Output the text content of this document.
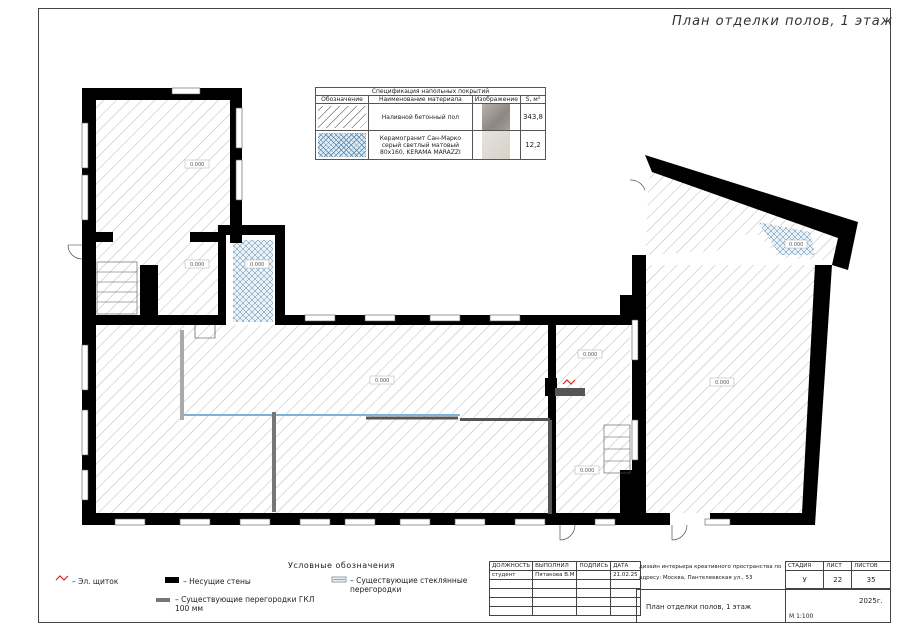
План отделки полов, 1 этаж
0.000
0.000	0.000
0.000
0.000
0.000
0.000
0.000
Спецификация напольных покрытий			
Обозначение	Наименование материала	Изображение	S, м²

	Наливной бетонный пол		343,8

	Керамогранит Сан-Марко серый светлый матовый 80х160, KERAMA MARAZZI		12,2
Условные обозначения
– Эл. щиток	– Несущие стены	– Существующие стеклянные перегородки
– Существующие перегородки ГКЛ 100 мм
ДОЛЖНОСТЬ	ВЫПОЛНИЛ	ПОДПИСЬ	ДАТА
студент	Пятакова В.М		21.02.25

дизайн интерьера креативного пространства по адресу: Москва, Пантелеевская ул., 53
СТАДИЯ	ЛИСТ	ЛИСТОВ
У	22	35
План отделки полов, 1 этаж
2025г.
М 1:100
